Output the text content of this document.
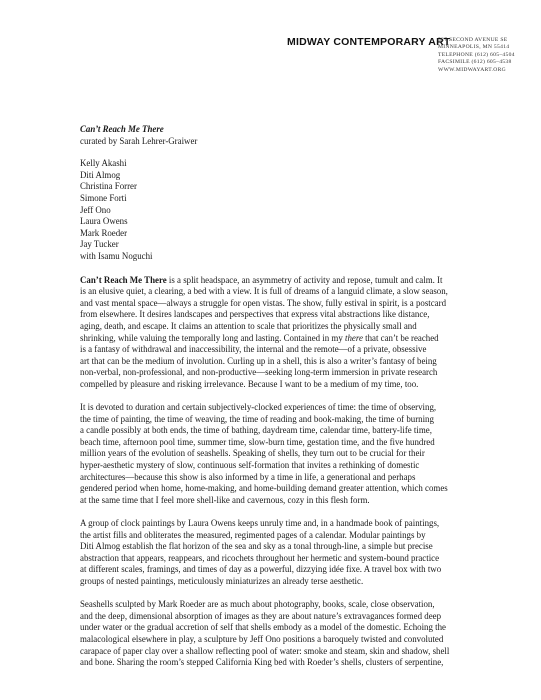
MIDWAY CONTEMPORARY ART
527 SECOND AVENUE SE
MINNEAPOLIS, MN 55414
TELEPHONE (612) 605–4504
FACSIMILE (612) 605–4538
WWW.MIDWAYART.ORG
Can’t Reach Me There
curated by Sarah Lehrer-Graiwer
Kelly Akashi
Diti Almog
Christina Forrer
Simone Forti
Jeff Ono
Laura Owens
Mark Roeder
Jay Tucker
with Isamu Noguchi

Can’t Reach Me There is a split headspace, an asymmetry of activity and repose, tumult and calm. It
is an elusive quiet, a clearing, a bed with a view. It is full of dreams of a languid climate, a slow season,
and vast mental space—always a struggle for open vistas. The show, fully estival in spirit, is a postcard
from elsewhere. It desires landscapes and perspectives that express vital abstractions like distance,
aging, death, and escape. It claims an attention to scale that prioritizes the physically small and
shrinking, while valuing the temporally long and lasting. Contained in my there that can’t be reached
is a fantasy of withdrawal and inaccessibility, the internal and the remote—of a private, obsessive
art that can be the medium of involution. Curling up in a shell, this is also a writer’s fantasy of being
non-verbal, non-professional, and non-productive—seeking long-term immersion in private research
compelled by pleasure and risking irrelevance. Because I want to be a medium of my time, too.

It is devoted to duration and certain subjectively-clocked experiences of time: the time of observing,
the time of painting, the time of weaving, the time of reading and book-making, the time of burning
a candle possibly at both ends, the time of bathing, daydream time, calendar time, battery-life time,
beach time, afternoon pool time, summer time, slow-burn time, gestation time, and the five hundred
million years of the evolution of seashells. Speaking of shells, they turn out to be crucial for their
hyper-aesthetic mystery of slow, continuous self-formation that invites a rethinking of domestic
architectures—because this show is also informed by a time in life, a generational and perhaps
gendered period when home, home-making, and home-building demand greater attention, which comes
at the same time that I feel more shell-like and cavernous, cozy in this flesh form.

A group of clock paintings by Laura Owens keeps unruly time and, in a handmade book of paintings,
the artist fills and obliterates the measured, regimented pages of a calendar. Modular paintings by
Diti Almog establish the flat horizon of the sea and sky as a tonal through-line, a simple but precise
abstraction that appears, reappears, and ricochets throughout her hermetic and system-bound practice
at different scales, framings, and times of day as a powerful, dizzying idée fixe. A travel box with two
groups of nested paintings, meticulously miniaturizes an already terse aesthetic.

Seashells sculpted by Mark Roeder are as much about photography, books, scale, close observation,
and the deep, dimensional absorption of images as they are about nature’s extravagances formed deep
under water or the gradual accretion of self that shells embody as a model of the domestic. Echoing the
malacological elsewhere in play, a sculpture by Jeff Ono positions a baroquely twisted and convoluted
carapace of paper clay over a shallow reflecting pool of water: smoke and steam, skin and shadow, shell
and bone. Sharing the room’s stepped California King bed with Roeder’s shells, clusters of serpentine,
